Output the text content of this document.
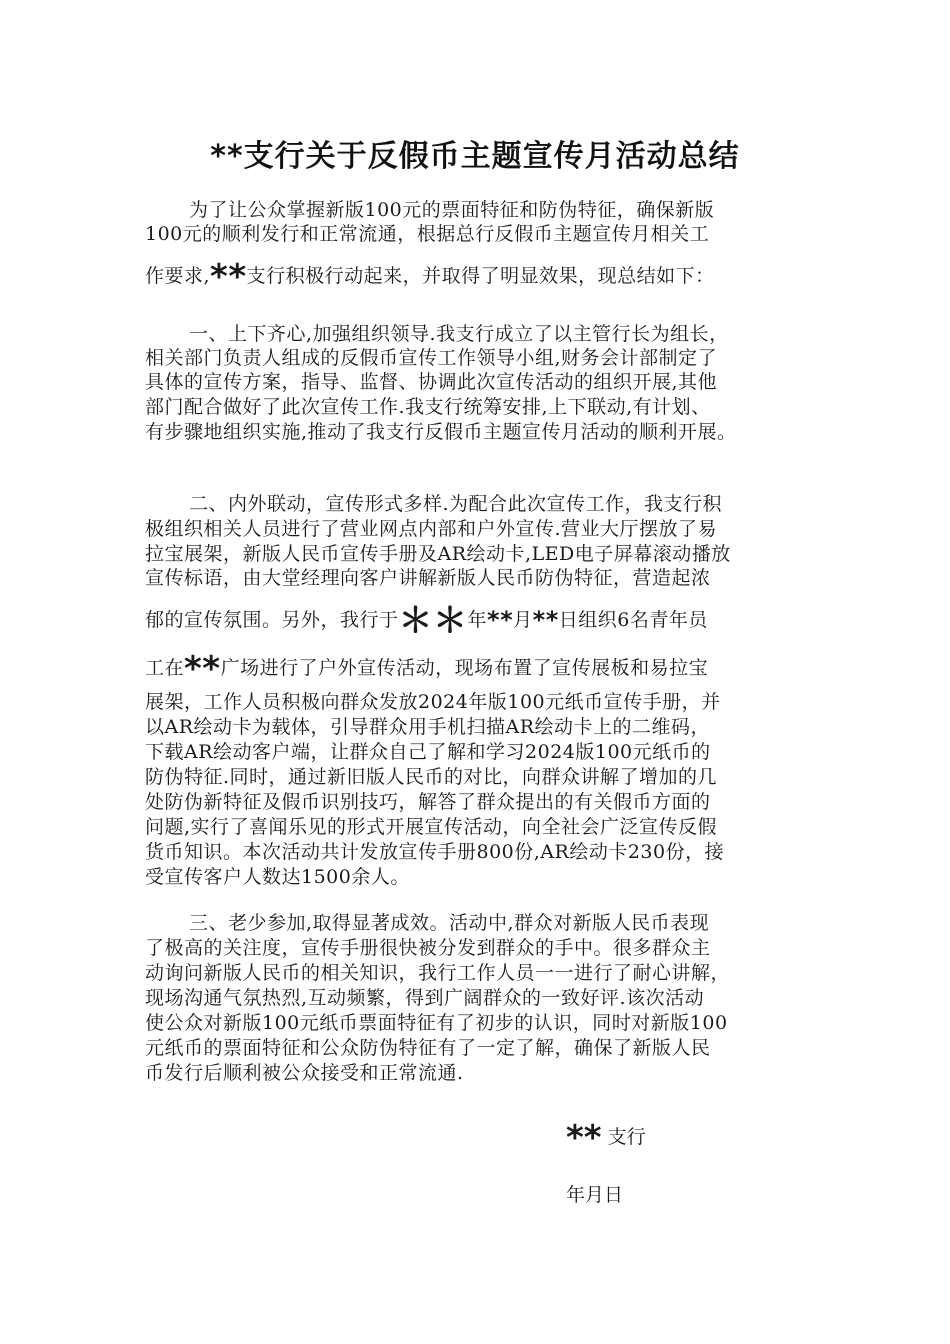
**支行关于反假币主题宣传月活动总结
为了让公众掌握新版100元的票面特征和防伪特征，确保新版
100元的顺利发行和正常流通，根据总行反假币主题宣传月相关工
作要求,**支行积极行动起来，并取得了明显效果，现总结如下：
一、上下齐心,加强组织领导.我支行成立了以主管行长为组长，
相关部门负责人组成的反假币宣传工作领导小组,财务会计部制定了
具体的宣传方案，指导、监督、协调此次宣传活动的组织开展,其他
部门配合做好了此次宣传工作.我支行统筹安排,上下联动,有计划、
有步骤地组织实施,推动了我支行反假币主题宣传月活动的顺利开展。
二、内外联动，宣传形式多样.为配合此次宣传工作，我支行积
极组织相关人员进行了营业网点内部和户外宣传.营业大厅摆放了易
拉宝展架，新版人民币宣传手册及AR绘动卡,LED电子屏幕滚动播放
宣传标语，由大堂经理向客户讲解新版人民币防伪特征，营造起浓
郁的宣传氛围。另外，我行于＊＊年**月**日组织6名青年员
工在**广场进行了户外宣传活动，现场布置了宣传展板和易拉宝
展架，工作人员积极向群众发放2024年版100元纸币宣传手册，并
以AR绘动卡为载体，引导群众用手机扫描AR绘动卡上的二维码，
下载AR绘动客户端，让群众自己了解和学习2024版100元纸币的
防伪特征.同时，通过新旧版人民币的对比，向群众讲解了增加的几
处防伪新特征及假币识别技巧，解答了群众提出的有关假币方面的
问题,实行了喜闻乐见的形式开展宣传活动，向全社会广泛宣传反假
货币知识。本次活动共计发放宣传手册800份,AR绘动卡230份，接
受宣传客户人数达1500余人。
三、老少参加,取得显著成效。活动中,群众对新版人民币表现
了极高的关注度，宣传手册很快被分发到群众的手中。很多群众主
动询问新版人民币的相关知识，我行工作人员一一进行了耐心讲解，
现场沟通气氛热烈,互动频繁，得到广阔群众的一致好评.该次活动
使公众对新版100元纸币票面特征有了初步的认识，同时对新版100
元纸币的票面特征和公众防伪特征有了一定了解，确保了新版人民
币发行后顺利被公众接受和正常流通.
** 支行
年月日
